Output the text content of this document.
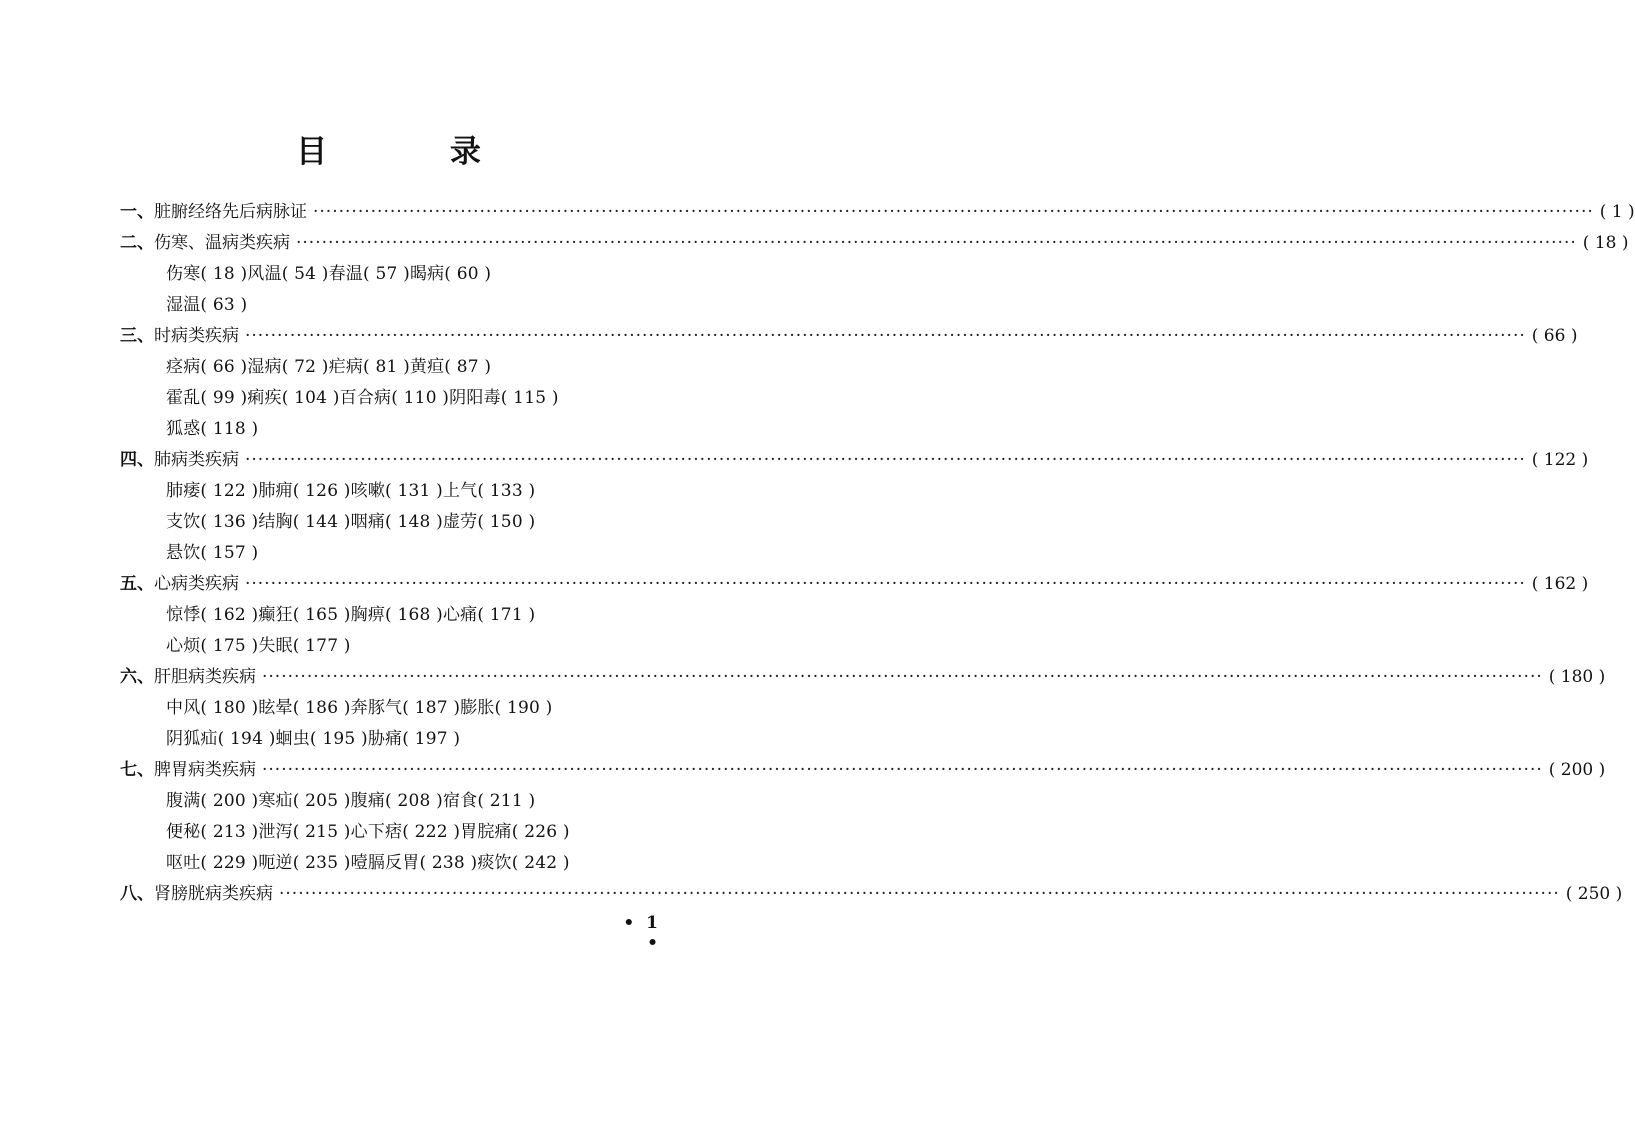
目 录
一、 脏腑经络先后病脉证 ········································································································································································································ ( 1 )
二、 伤寒、温病类疾病 ········································································································································································································ ( 18 )
伤寒( 18 )风温( 54 )春温( 57 )暍病( 60 )
湿温( 63 )
三、 时病类疾病 ········································································································································································································ ( 66 )
痉病( 66 )湿病( 72 )疟病( 81 )黄疸( 87 )
霍乱( 99 )痢疾( 104 )百合病( 110 )阴阳毒( 115 )
狐惑( 118 )
四、 肺病类疾病 ········································································································································································································ ( 122 )
肺痿( 122 )肺痈( 126 )咳嗽( 131 )上气( 133 )
支饮( 136 )结胸( 144 )咽痛( 148 )虚劳( 150 )
悬饮( 157 )
五、 心病类疾病 ········································································································································································································ ( 162 )
惊悸( 162 )癫狂( 165 )胸痹( 168 )心痛( 171 )
心烦( 175 )失眠( 177 )
六、 肝胆病类疾病 ········································································································································································································ ( 180 )
中风( 180 )眩晕( 186 )奔豚气( 187 )膨胀( 190 )
阴狐疝( 194 )蛔虫( 195 )胁痛( 197 )
七、 脾胃病类疾病 ········································································································································································································ ( 200 )
腹满( 200 )寒疝( 205 )腹痛( 208 )宿食( 211 )
便秘( 213 )泄泻( 215 )心下痞( 222 )胃脘痛( 226 )
呕吐( 229 )呃逆( 235 )噎膈反胃( 238 )痰饮( 242 )
八、 肾膀胱病类疾病 ········································································································································································································ ( 250 )
• 1 •
